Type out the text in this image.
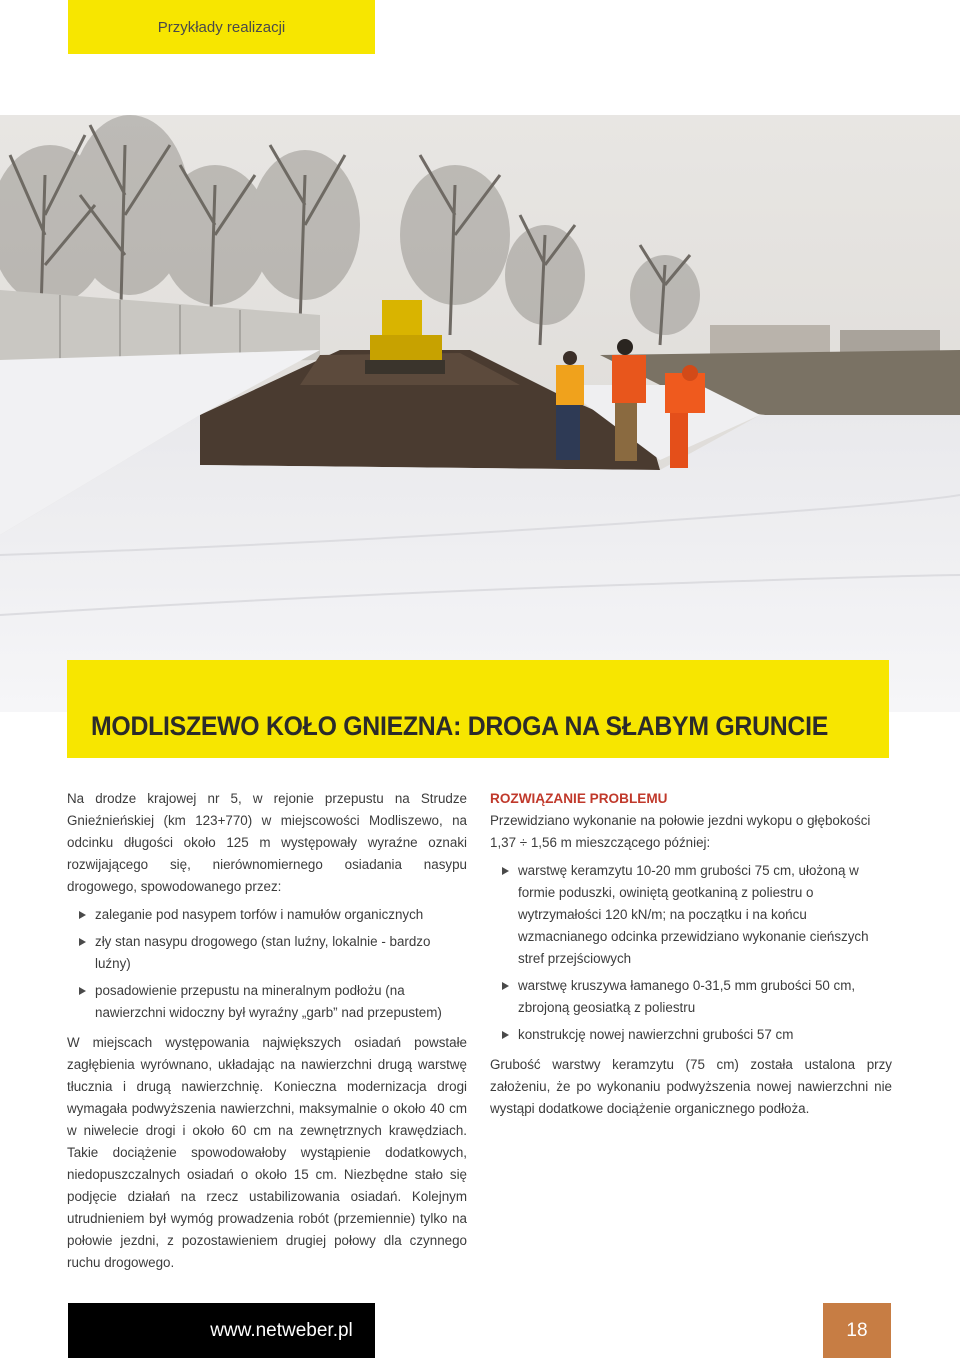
Przykłady realizacji
MODLISZEWO KOŁO GNIEZNA: DROGA NA SŁABYM GRUNCIE

Na drodze krajowej nr 5, w rejonie przepustu na Strudze Gnieźnieńskiej (km 123+770) w miejscowości Modliszewo, na odcinku długości około 125 m występowały wyraźne oznaki rozwijającego się, nierównomiernego osiadania nasypu drogowego, spowodowanego przez:

zaleganie pod nasypem torfów i namułów organicznych
zły stan nasypu drogowego (stan luźny, lokalnie - bardzo luźny)
posadowienie przepustu na mineralnym podłożu (na nawierzchni widoczny był wyraźny „garb” nad przepustem)

W miejscach występowania największych osiadań powstałe zagłębienia wyrównano, układając na nawierzchni drugą warstwę tłucznia i drugą nawierzchnię. Konieczna modernizacja drogi wymagała podwyższenia nawierzchni, maksymalnie o około 40 cm w niwelecie drogi i około 60 cm na zewnętrznych krawędziach. Takie dociążenie spowodowałoby wystąpienie dodatkowych, niedopuszczalnych osiadań o około 15 cm. Niezbędne stało się podjęcie działań na rzecz ustabilizowania osiadań. Kolejnym utrudnieniem był wymóg prowadzenia robót (przemiennie) tylko na połowie jezdni, z pozostawieniem drugiej połowy dla czynnego ruchu drogowego.

ROZWIĄZANIE PROBLEMU

Przewidziano wykonanie na połowie jezdni wykopu o głębokości 1,37 ÷ 1,56 m mieszczącego później:

warstwę keramzytu 10-20 mm grubości 75 cm, ułożoną w formie poduszki, owiniętą geotkaniną z poliestru o wytrzymałości 120 kN/m; na początku i na końcu wzmacnianego odcinka przewidziano wykonanie cieńszych stref przejściowych
warstwę kruszywa łamanego 0-31,5 mm grubości 50 cm, zbrojoną geosiatką z poliestru
konstrukcję nowej nawierzchni grubości 57 cm

Grubość warstwy keramzytu (75 cm) została ustalona przy założeniu, że po wykonaniu podwyższenia nowej nawierzchni nie wystąpi dodatkowe dociążenie organicznego podłoża.

www.netweber.pl	18
